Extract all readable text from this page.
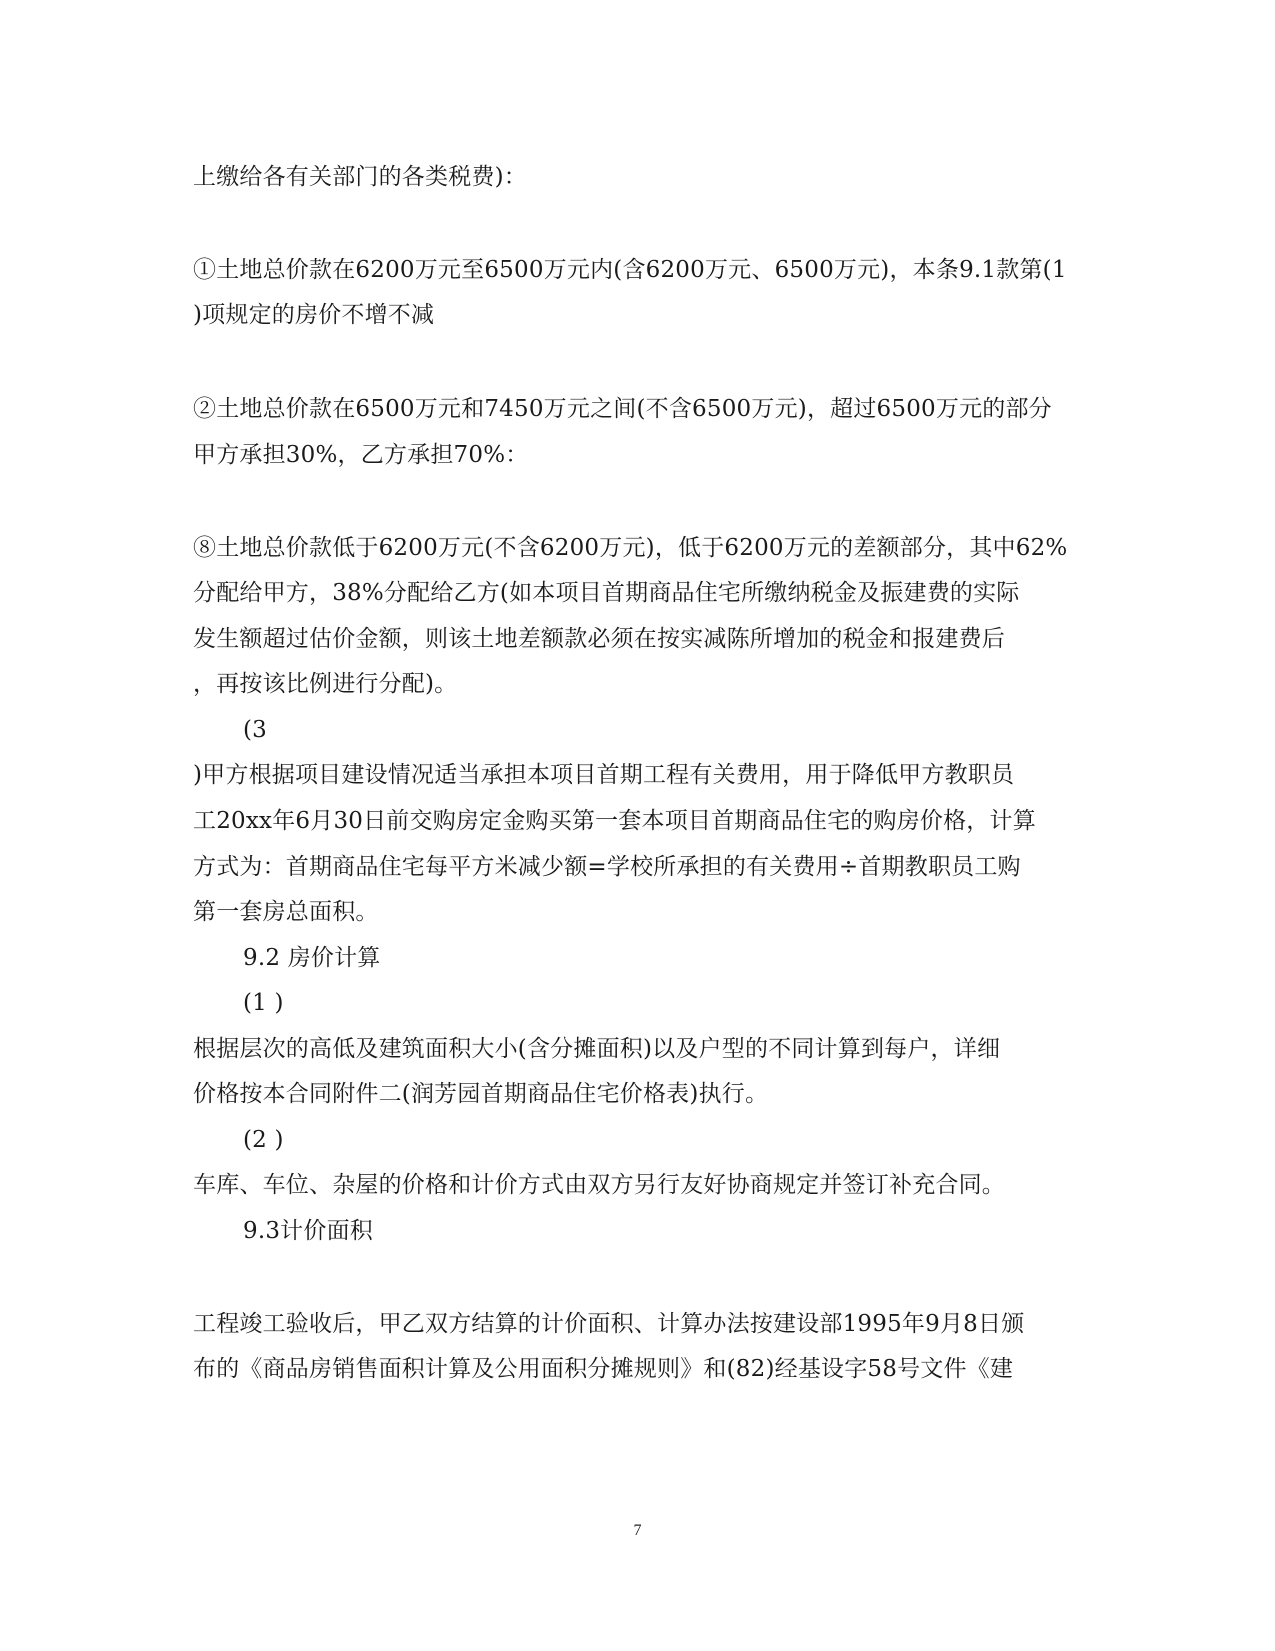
上缴给各有关部门的各类税费)：
①土地总价款在6200万元至6500万元内(含6200万元、6500万元)，本条9.1款第(1
)项规定的房价不增不减
②土地总价款在6500万元和7450万元之间(不含6500万元)，超过6500万元的部分
甲方承担30%，乙方承担70%：
⑧土地总价款低于6200万元(不含6200万元)，低于6200万元的差额部分，其中62%
分配给甲方，38%分配给乙方(如本项目首期商品住宅所缴纳税金及振建费的实际
发生额超过估价金额，则该土地差额款必须在按实减陈所增加的税金和报建费后
，再按该比例进行分配)。
(3
)甲方根据项目建设情况适当承担本项目首期工程有关费用，用于降低甲方教职员
工20xx年6月30日前交购房定金购买第一套本项目首期商品住宅的购房价格，计算
方式为：首期商品住宅每平方米减少额=学校所承担的有关费用÷首期教职员工购
第一套房总面积。
9.2 房价计算
(1 )
根据层次的高低及建筑面积大小(含分摊面积)以及户型的不同计算到每户，详细
价格按本合同附件二(润芳园首期商品住宅价格表)执行。
(2 )
车库、车位、杂屋的价格和计价方式由双方另行友好协商规定并签订补充合同。
9.3计价面积
工程竣工验收后，甲乙双方结算的计价面积、计算办法按建设部1995年9月8日颁
布的《商品房销售面积计算及公用面积分摊规则》和(82)经基设字58号文件《建
7
